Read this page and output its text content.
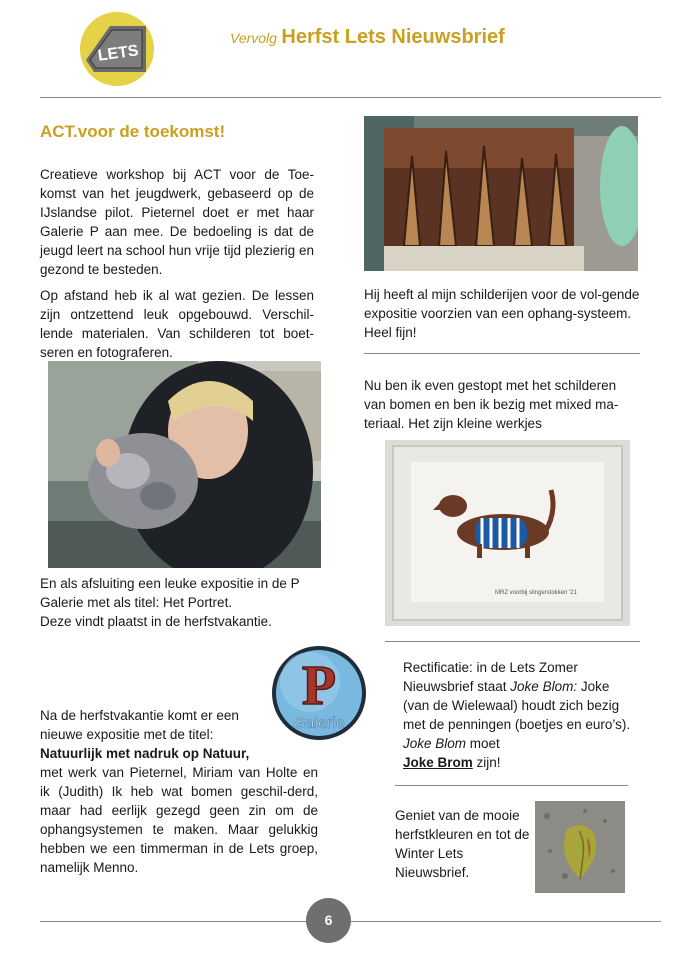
LETS
Vervolg Herfst Lets Nieuwsbrief
ACT.voor de toekomst!
Creatieve workshop bij ACT voor de Toe-komst van het jeugdwerk, gebaseerd op de IJslandse pilot. Pieternel doet er met haar Galerie P aan mee. De bedoeling is dat de jeugd leert na school hun vrije tijd plezierig en gezond te besteden.
Op afstand heb ik al wat gezien. De lessen zijn ontzettend leuk opgebouwd. Verschil-lende materialen. Van schilderen tot boet-seren en fotograferen.
En als afsluiting een leuke expositie in de P Galerie met als titel: Het Portret.
Deze vindt plaatst in de herfstvakantie.
P
Galerie
Na de herfstvakantie komt er een nieuwe expositie met de titel:
Natuurlijk met nadruk op Natuur,
met werk van Pieternel, Miriam van Holte en ik (Judith) Ik heb wat bomen geschil-derd, maar had eerlijk gezegd geen zin om de ophangsystemen te maken. Maar gelukkig hebben we een timmerman in de Lets groep, namelijk Menno.
Hij heeft al mijn schilderijen voor de vol-gende expositie voorzien van een ophang-systeem. Heel fijn!
Nu ben ik even gestopt met het schilderen van bomen en ben ik bezig met mixed ma-teriaal. Het zijn kleine werkjes
MRZ voorbij slingerstokken '21
Rectificatie: in de Lets Zomer Nieuwsbrief staat Joke Blom: Joke (van de Wielewaal) houdt zich bezig met de penningen (boetjes en euro’s). Joke Blom moet
Joke Brom zijn!
Geniet van de mooie herfstkleuren en tot de Winter Lets Nieuwsbrief.
6
